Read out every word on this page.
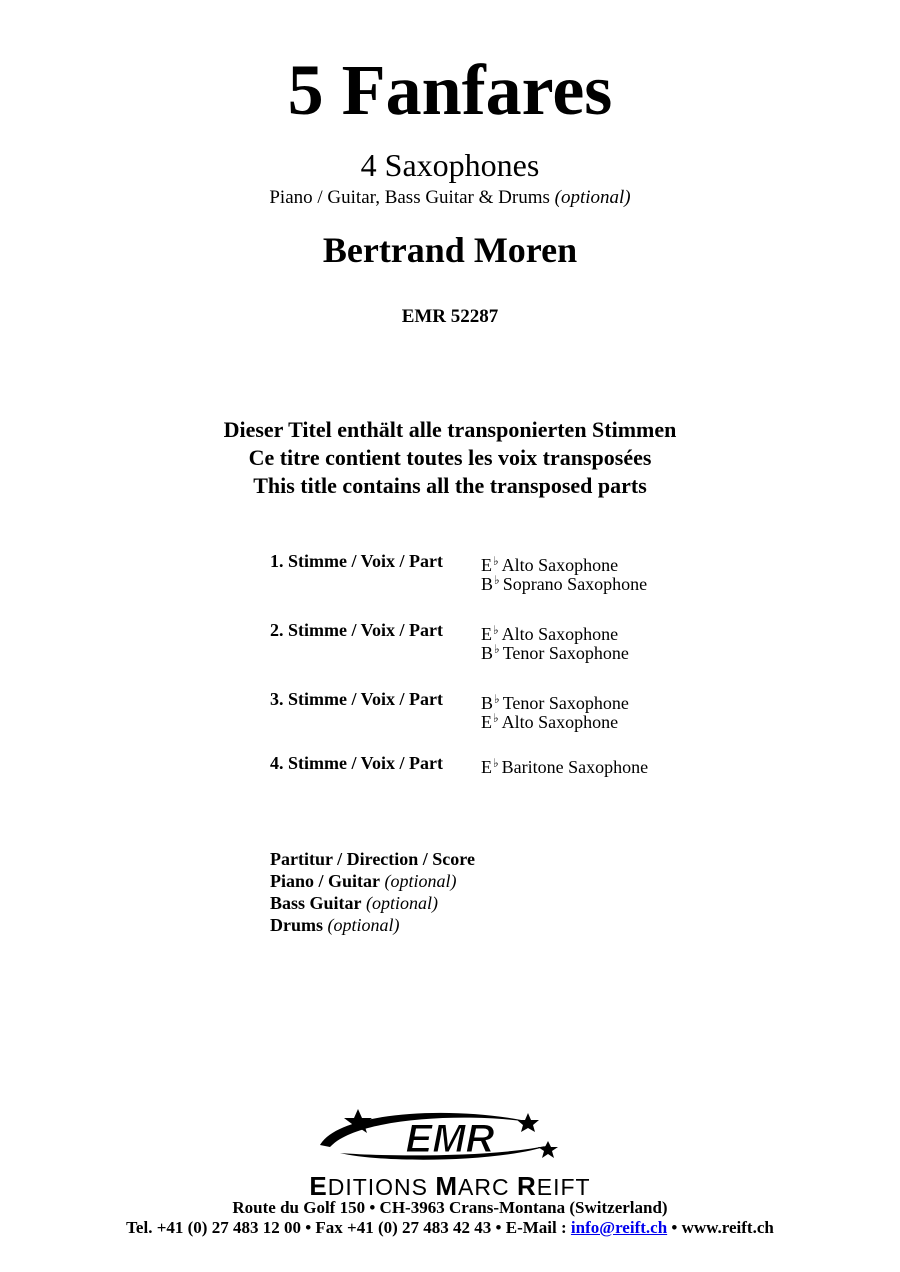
5 Fanfares
4 Saxophones
Piano / Guitar, Bass Guitar & Drums (optional)
Bertrand Moren
EMR 52287
Dieser Titel enthält alle transponierten Stimmen
Ce titre contient toutes les voix transposées
This title contains all the transposed parts
1. Stimme / Voix / Part E♭ Alto Saxophone
B♭ Soprano Saxophone
2. Stimme / Voix / Part E♭ Alto Saxophone
B♭ Tenor Saxophone
3. Stimme / Voix / Part B♭ Tenor Saxophone
E♭ Alto Saxophone
4. Stimme / Voix / Part E♭ Baritone Saxophone
Partitur / Direction / Score
Piano / Guitar (optional)
Bass Guitar (optional)
Drums (optional)
EMR
EDITIONS MARC REIFT
Route du Golf 150 • CH-3963 Crans-Montana (Switzerland)
Tel. +41 (0) 27 483 12 00 • Fax +41 (0) 27 483 42 43 • E-Mail : info@reift.ch • www.reift.ch
